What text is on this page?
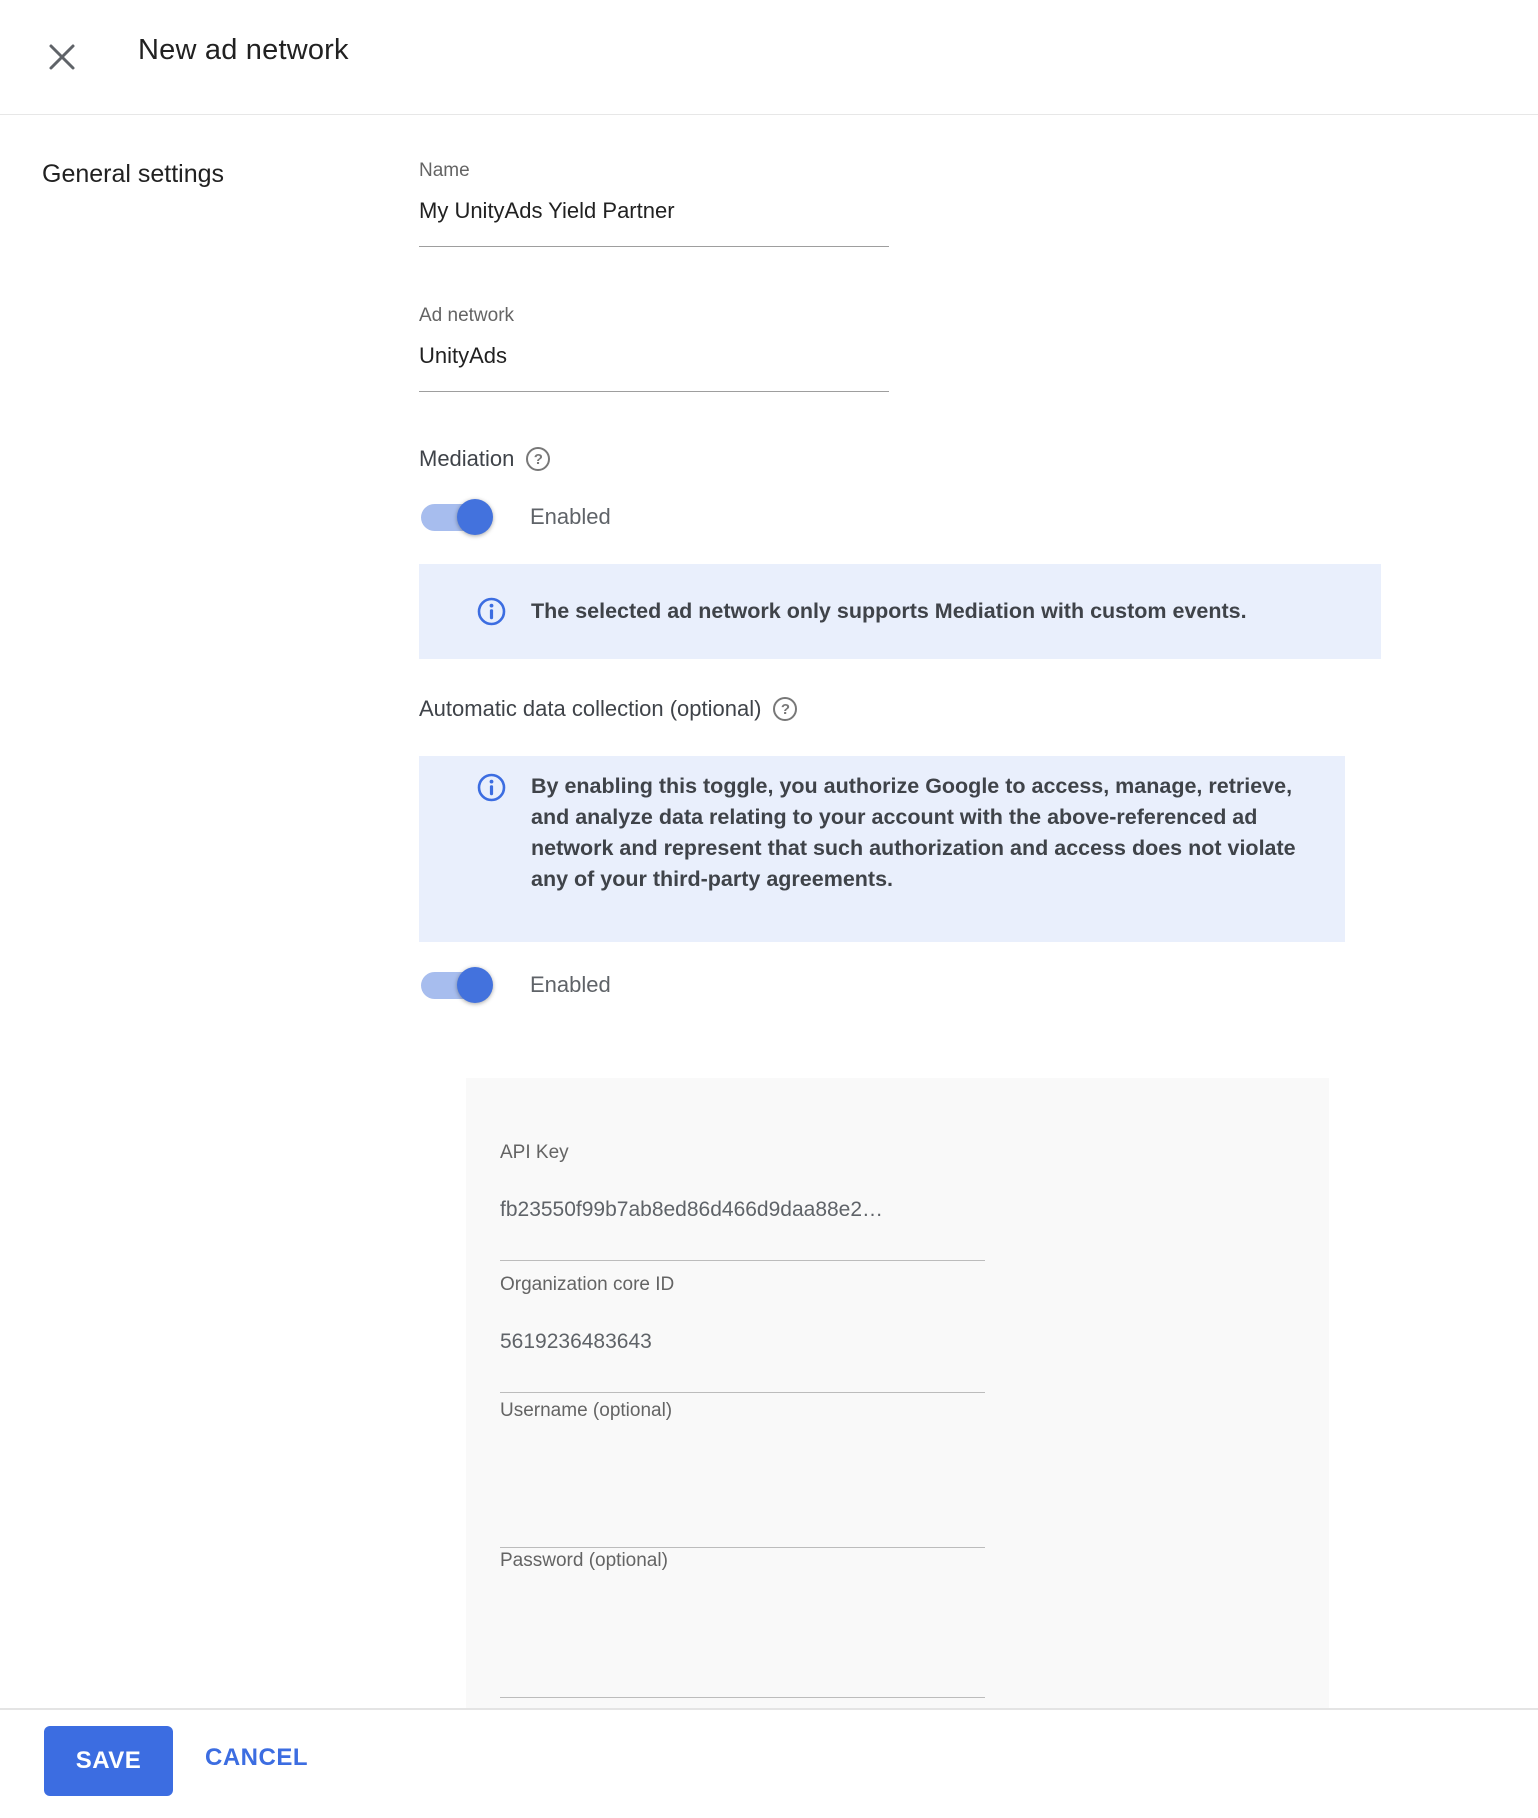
New ad network
General settings	Name
My UnityAds Yield Partner
Ad network
UnityAds
Mediation	?
Enabled
The selected ad network only supports Mediation with custom events.
Automatic data collection (optional)	?
By enabling this toggle, you authorize Google to access, manage, retrieve, and analyze data relating to your account with the above-referenced ad network and represent that such authorization and access does not violate any of your third-party agreements.
Enabled
API Key
fb23550f99b7ab8ed86d466d9daa88e2…
Organization core ID
5619236483643
Username (optional)
Password (optional)
SAVE	CANCEL
